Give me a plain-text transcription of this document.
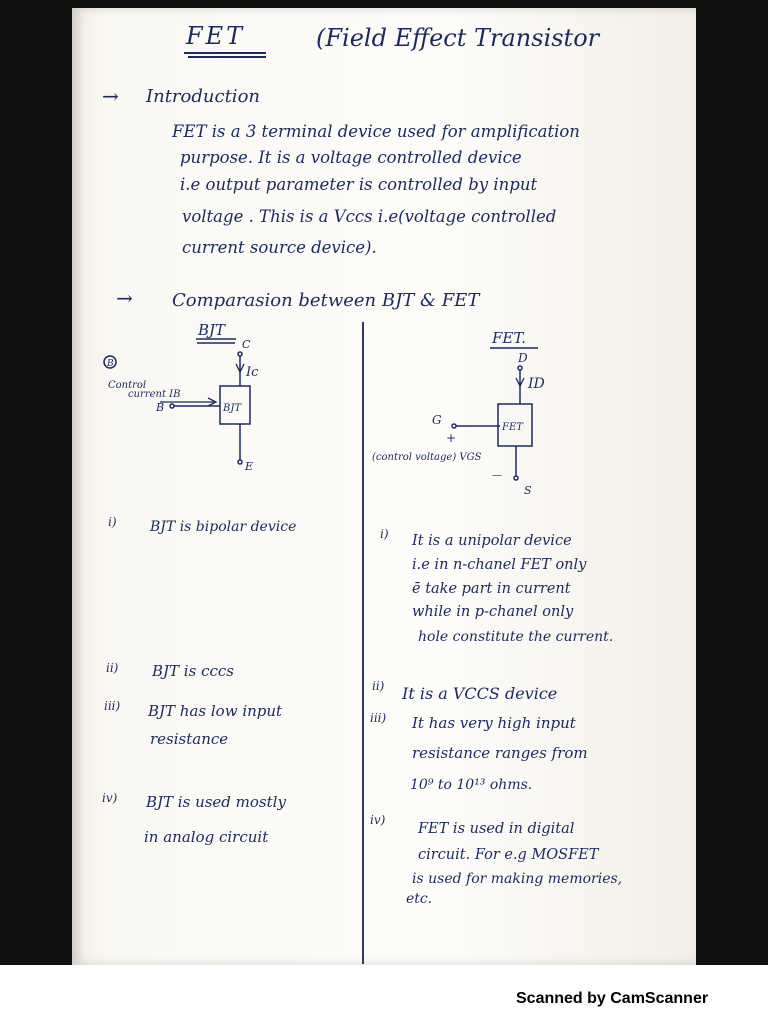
FET	(Field Effect Transistor
→ Introduction
FET is a 3 terminal device used for amplification
purpose. It is a voltage controlled device
i.e output parameter is controlled by input
voltage . This is a Vccs i.e(voltage controlled
current source device).
→ Comparasion between BJT & FET
BJT
C
Ic
B
Control
current IB
B	BJT
E
FET.
D
ID
G
FET
+
(control voltage) VGS
—
S
i) BJT is bipolar device
ii) BJT is cccs
iii) BJT has low input
resistance
iv) BJT is used mostly
in analog circuit
i) It is a unipolar device
i.e in n-chanel FET only
ē take part in current
while in p-chanel only
hole constitute the current.
ii) It is a VCCS device
iii) It has very high input
resistance ranges from
10⁹ to 10¹³ ohms.
iv)
FET is used in digital
circuit. For e.g MOSFET
is used for making memories,
etc.
Scanned by CamScanner
